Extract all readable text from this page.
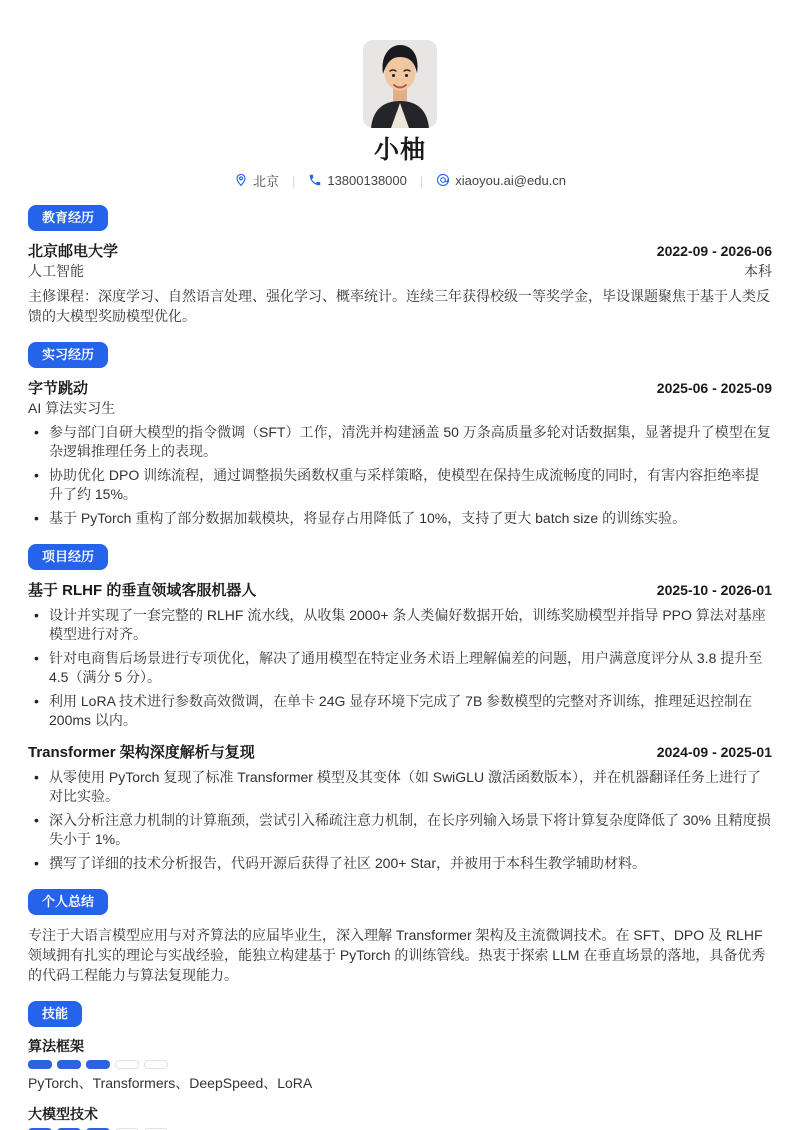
小柚
北京 | 13800138000 | xiaoyou.ai@edu.cn
教育经历
北京邮电大学	2022-09 - 2026-06
人工智能	本科
主修课程：深度学习、自然语言处理、强化学习、概率统计。连续三年获得校级一等奖学金，毕设课题聚焦于基于人类反馈的大模型奖励模型优化。
实习经历
字节跳动	2025-06 - 2025-09
AI 算法实习生
• 参与部门自研大模型的指令微调（SFT）工作，清洗并构建涵盖 50 万条高质量多轮对话数据集，显著提升了模型在复杂逻辑推理任务上的表现。
• 协助优化 DPO 训练流程，通过调整损失函数权重与采样策略，使模型在保持生成流畅度的同时，有害内容拒绝率提升了约 15%。
• 基于 PyTorch 重构了部分数据加载模块，将显存占用降低了 10%，支持了更大 batch size 的训练实验。
项目经历
基于 RLHF 的垂直领域客服机器人	2025-10 - 2026-01
• 设计并实现了一套完整的 RLHF 流水线，从收集 2000+ 条人类偏好数据开始，训练奖励模型并指导 PPO 算法对基座模型进行对齐。
• 针对电商售后场景进行专项优化，解决了通用模型在特定业务术语上理解偏差的问题，用户满意度评分从 3.8 提升至 4.5（满分 5 分）。
• 利用 LoRA 技术进行参数高效微调，在单卡 24G 显存环境下完成了 7B 参数模型的完整对齐训练，推理延迟控制在 200ms 以内。
Transformer 架构深度解析与复现	2024-09 - 2025-01
• 从零使用 PyTorch 复现了标准 Transformer 模型及其变体（如 SwiGLU 激活函数版本），并在机器翻译任务上进行了对比实验。
• 深入分析注意力机制的计算瓶颈，尝试引入稀疏注意力机制，在长序列输入场景下将计算复杂度降低了 30% 且精度损失小于 1%。
• 撰写了详细的技术分析报告，代码开源后获得了社区 200+ Star，并被用于本科生教学辅助材料。
个人总结
专注于大语言模型应用与对齐算法的应届毕业生，深入理解 Transformer 架构及主流微调技术。在 SFT、DPO 及 RLHF 领域拥有扎实的理论与实战经验，能独立构建基于 PyTorch 的训练管线。热衷于探索 LLM 在垂直场景的落地，具备优秀的代码工程能力与算法复现能力。
技能
算法框架
PyTorch、Transformers、DeepSpeed、LoRA
大模型技术
